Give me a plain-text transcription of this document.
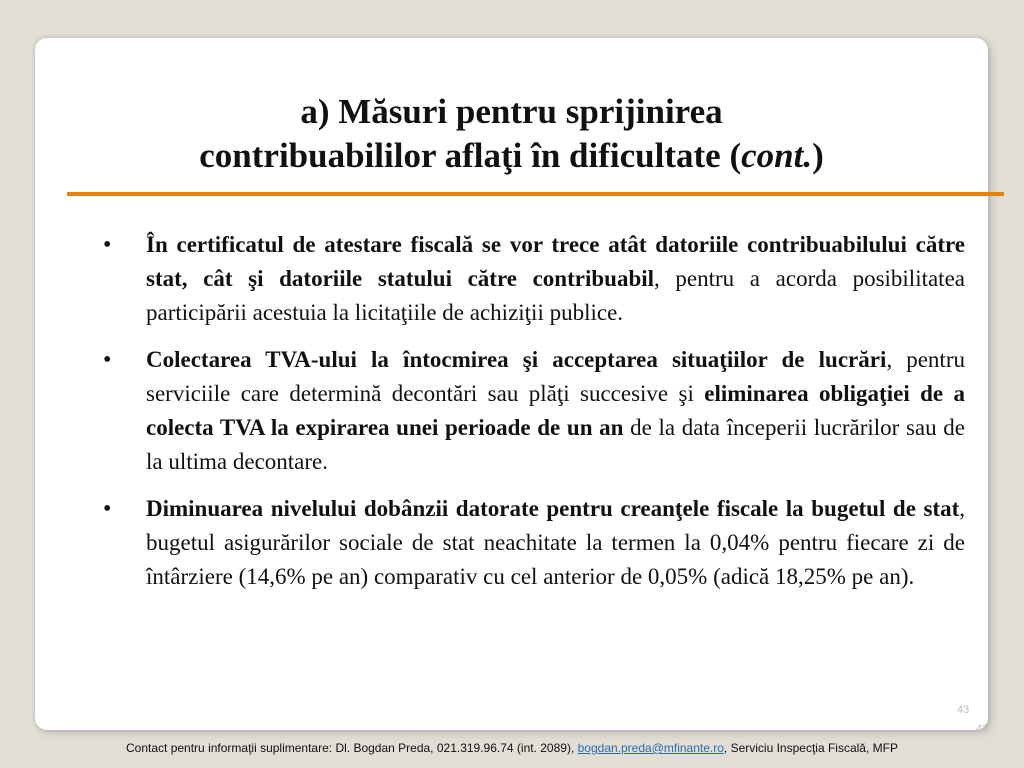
a) Măsuri pentru sprijinirea
contribuabililor aflaţi în dificultate (cont.)
• În certificatul de atestare fiscală se vor trece atât datoriile contribuabilului către stat, cât şi datoriile statului către contribuabil, pentru a acorda posibilitatea participării acestuia la licitaţiile de achiziţii publice.

• Colectarea TVA-ului la întocmirea şi acceptarea situaţiilor de lucrări, pentru serviciile care determină decontări sau plăţi succesive şi eliminarea obligaţiei de a colecta TVA la expirarea unei perioade de un an de la data începerii lucrărilor sau de la ultima decontare.

• Diminuarea nivelului dobânzii datorate pentru creanţele fiscale la bugetul de stat, bugetul asigurărilor sociale de stat neachitate la termen la 0,04% pentru fiecare zi de întârziere (14,6% pe an) comparativ cu cel anterior de 0,05% (adică 18,25% pe an).

43
43
Contact pentru informaţii suplimentare: Dl. Bogdan Preda, 021.319.96.74 (int. 2089), bogdan.preda@mfinante.ro, Serviciu Inspecţia Fiscală, MFP
